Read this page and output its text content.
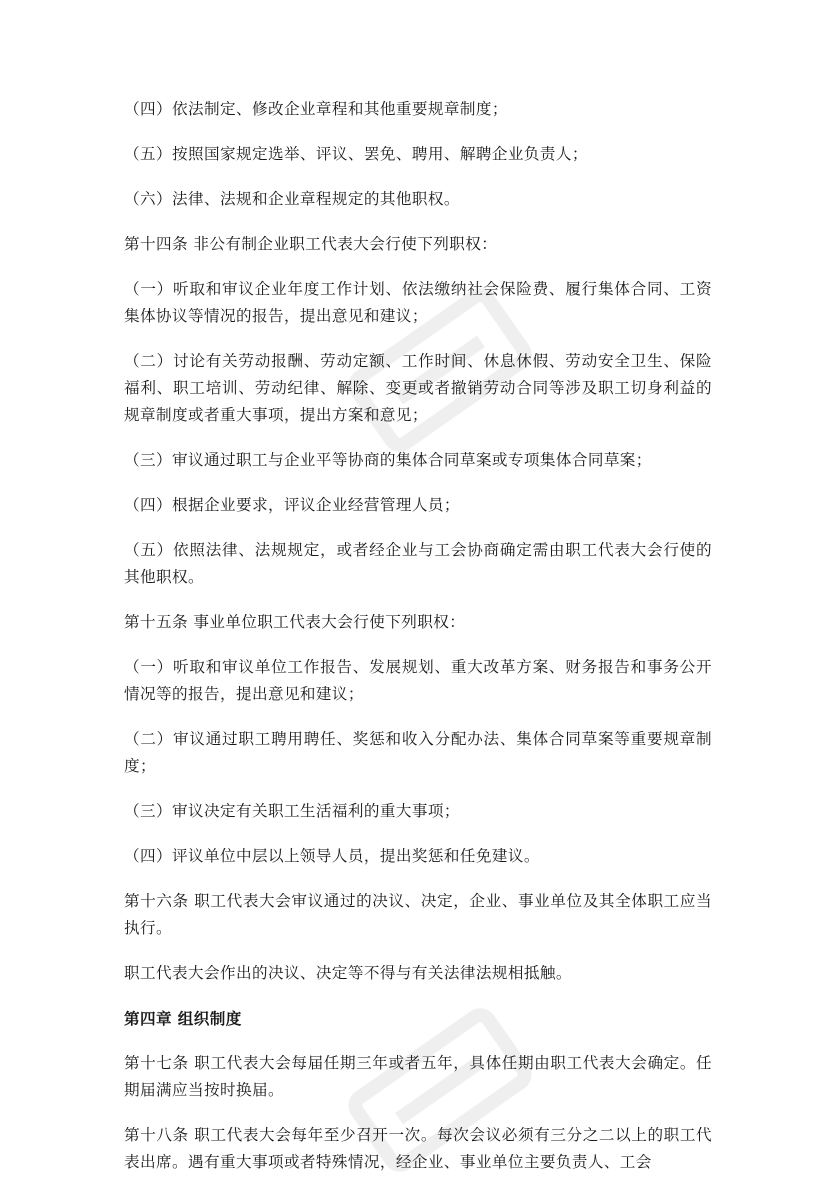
（四）依法制定、修改企业章程和其他重要规章制度；

（五）按照国家规定选举、评议、罢免、聘用、解聘企业负责人；

（六）法律、法规和企业章程规定的其他职权。

第十四条 非公有制企业职工代表大会行使下列职权：

（一）听取和审议企业年度工作计划、依法缴纳社会保险费、履行集体合同、工资集体协议等情况的报告，提出意见和建议；

（二）讨论有关劳动报酬、劳动定额、工作时间、休息休假、劳动安全卫生、保险福利、职工培训、劳动纪律、解除、变更或者撤销劳动合同等涉及职工切身利益的规章制度或者重大事项，提出方案和意见；

（三）审议通过职工与企业平等协商的集体合同草案或专项集体合同草案；

（四）根据企业要求，评议企业经营管理人员；

（五）依照法律、法规规定，或者经企业与工会协商确定需由职工代表大会行使的其他职权。

第十五条 事业单位职工代表大会行使下列职权：

（一）听取和审议单位工作报告、发展规划、重大改革方案、财务报告和事务公开情况等的报告，提出意见和建议；

（二）审议通过职工聘用聘任、奖惩和收入分配办法、集体合同草案等重要规章制度；

（三）审议决定有关职工生活福利的重大事项；

（四）评议单位中层以上领导人员，提出奖惩和任免建议。

第十六条 职工代表大会审议通过的决议、决定，企业、事业单位及其全体职工应当执行。

职工代表大会作出的决议、决定等不得与有关法律法规相抵触。

第四章 组织制度

第十七条 职工代表大会每届任期三年或者五年，具体任期由职工代表大会确定。任期届满应当按时换届。

第十八条 职工代表大会每年至少召开一次。每次会议必须有三分之二以上的职工代表出席。遇有重大事项或者特殊情况，经企业、事业单位主要负责人、工会
